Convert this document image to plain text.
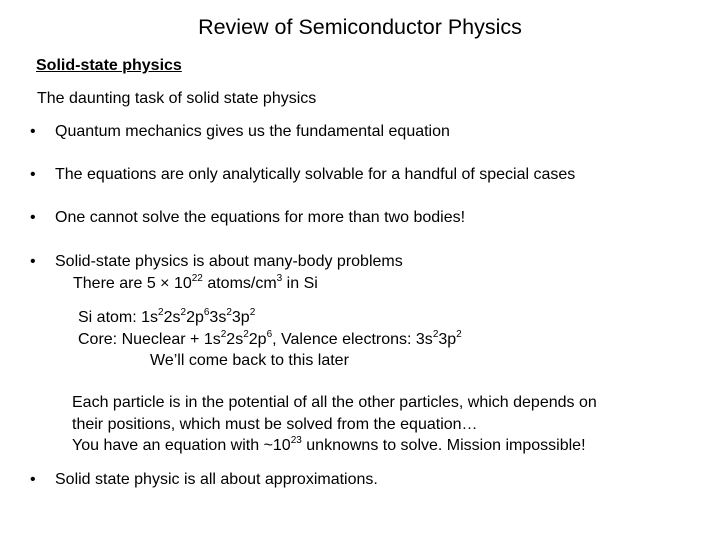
Review of Semiconductor Physics
Solid-state physics
The daunting task of solid state physics
• Quantum mechanics gives us the fundamental equation
• The equations are only analytically solvable for a handful of special cases
• One cannot solve the equations for more than two bodies!
• Solid-state physics is about many-body problems
There are $5 \times 10^{22}$ atoms/$cm^3$ in Si
Si atom: $1s^22s^22p^63s^23p^2$
Core: Nueclear + $1s^22s^22p^6$, Valence electrons: $3s^23p^2$
We’ll come back to this later
Each particle is in the potential of all the other particles, which depends on
their positions, which must be solved from the equation…
You have an equation with $\sim 10^{23}$ unknowns to solve. Mission impossible!
• Solid state physic is all about approximations.
